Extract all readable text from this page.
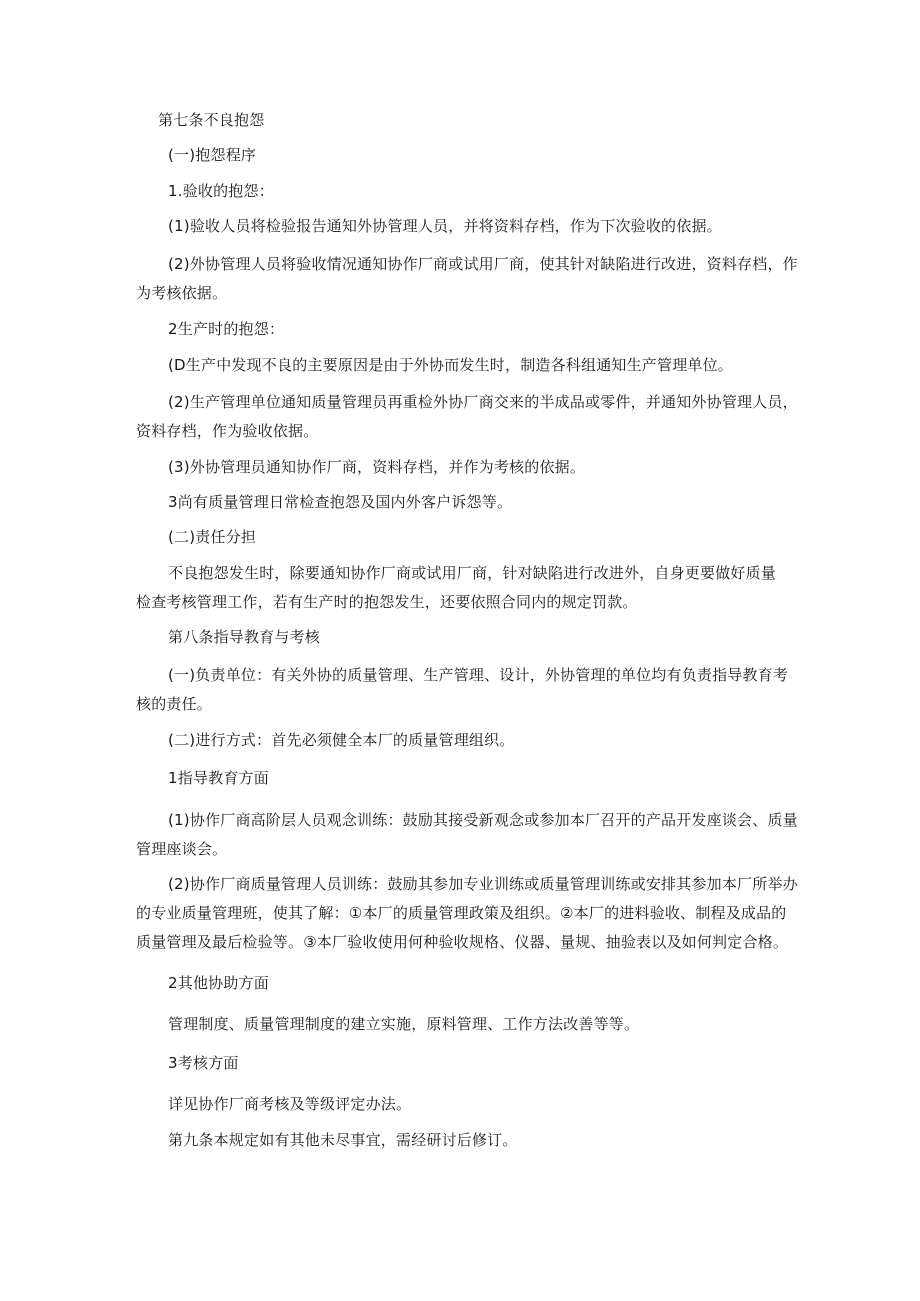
第七条不良抱怨
(一)抱怨程序
1.验收的抱怨：
(1)验收人员将检验报告通知外协管理人员，并将资料存档，作为下次验收的依据。
(2)外协管理人员将验收情况通知协作厂商或试用厂商，使其针对缺陷进行改进，资料存档，作
为考核依据。
2生产时的抱怨：
(D生产中发现不良的主要原因是由于外协而发生时，制造各科组通知生产管理单位。
(2)生产管理单位通知质量管理员再重检外协厂商交来的半成品或零件，并通知外协管理人员，
资料存档，作为验收依据。
(3)外协管理员通知协作厂商，资料存档，并作为考核的依据。
3尚有质量管理日常检查抱怨及国内外客户诉怨等。
(二)责任分担
不良抱怨发生时，除要通知协作厂商或试用厂商，针对缺陷进行改进外，自身更要做好质量
检查考核管理工作，若有生产时的抱怨发生，还要依照合同内的规定罚款。
第八条指导教育与考核
(一)负责单位：有关外协的质量管理、生产管理、设计，外协管理的单位均有负责指导教育考
核的责任。
(二)进行方式：首先必须健全本厂的质量管理组织。
1指导教育方面
(1)协作厂商高阶层人员观念训练：鼓励其接受新观念或参加本厂召开的产品开发座谈会、质量
管理座谈会。
(2)协作厂商质量管理人员训练：鼓励其参加专业训练或质量管理训练或安排其参加本厂所举办
的专业质量管理班，使其了解：①本厂的质量管理政策及组织。②本厂的进料验收、制程及成品的
质量管理及最后检验等。③本厂验收使用何种验收规格、仪器、量规、抽验表以及如何判定合格。
2其他协助方面
管理制度、质量管理制度的建立实施，原料管理、工作方法改善等等。
3考核方面
详见协作厂商考核及等级评定办法。
第九条本规定如有其他未尽事宜，需经研讨后修订。
